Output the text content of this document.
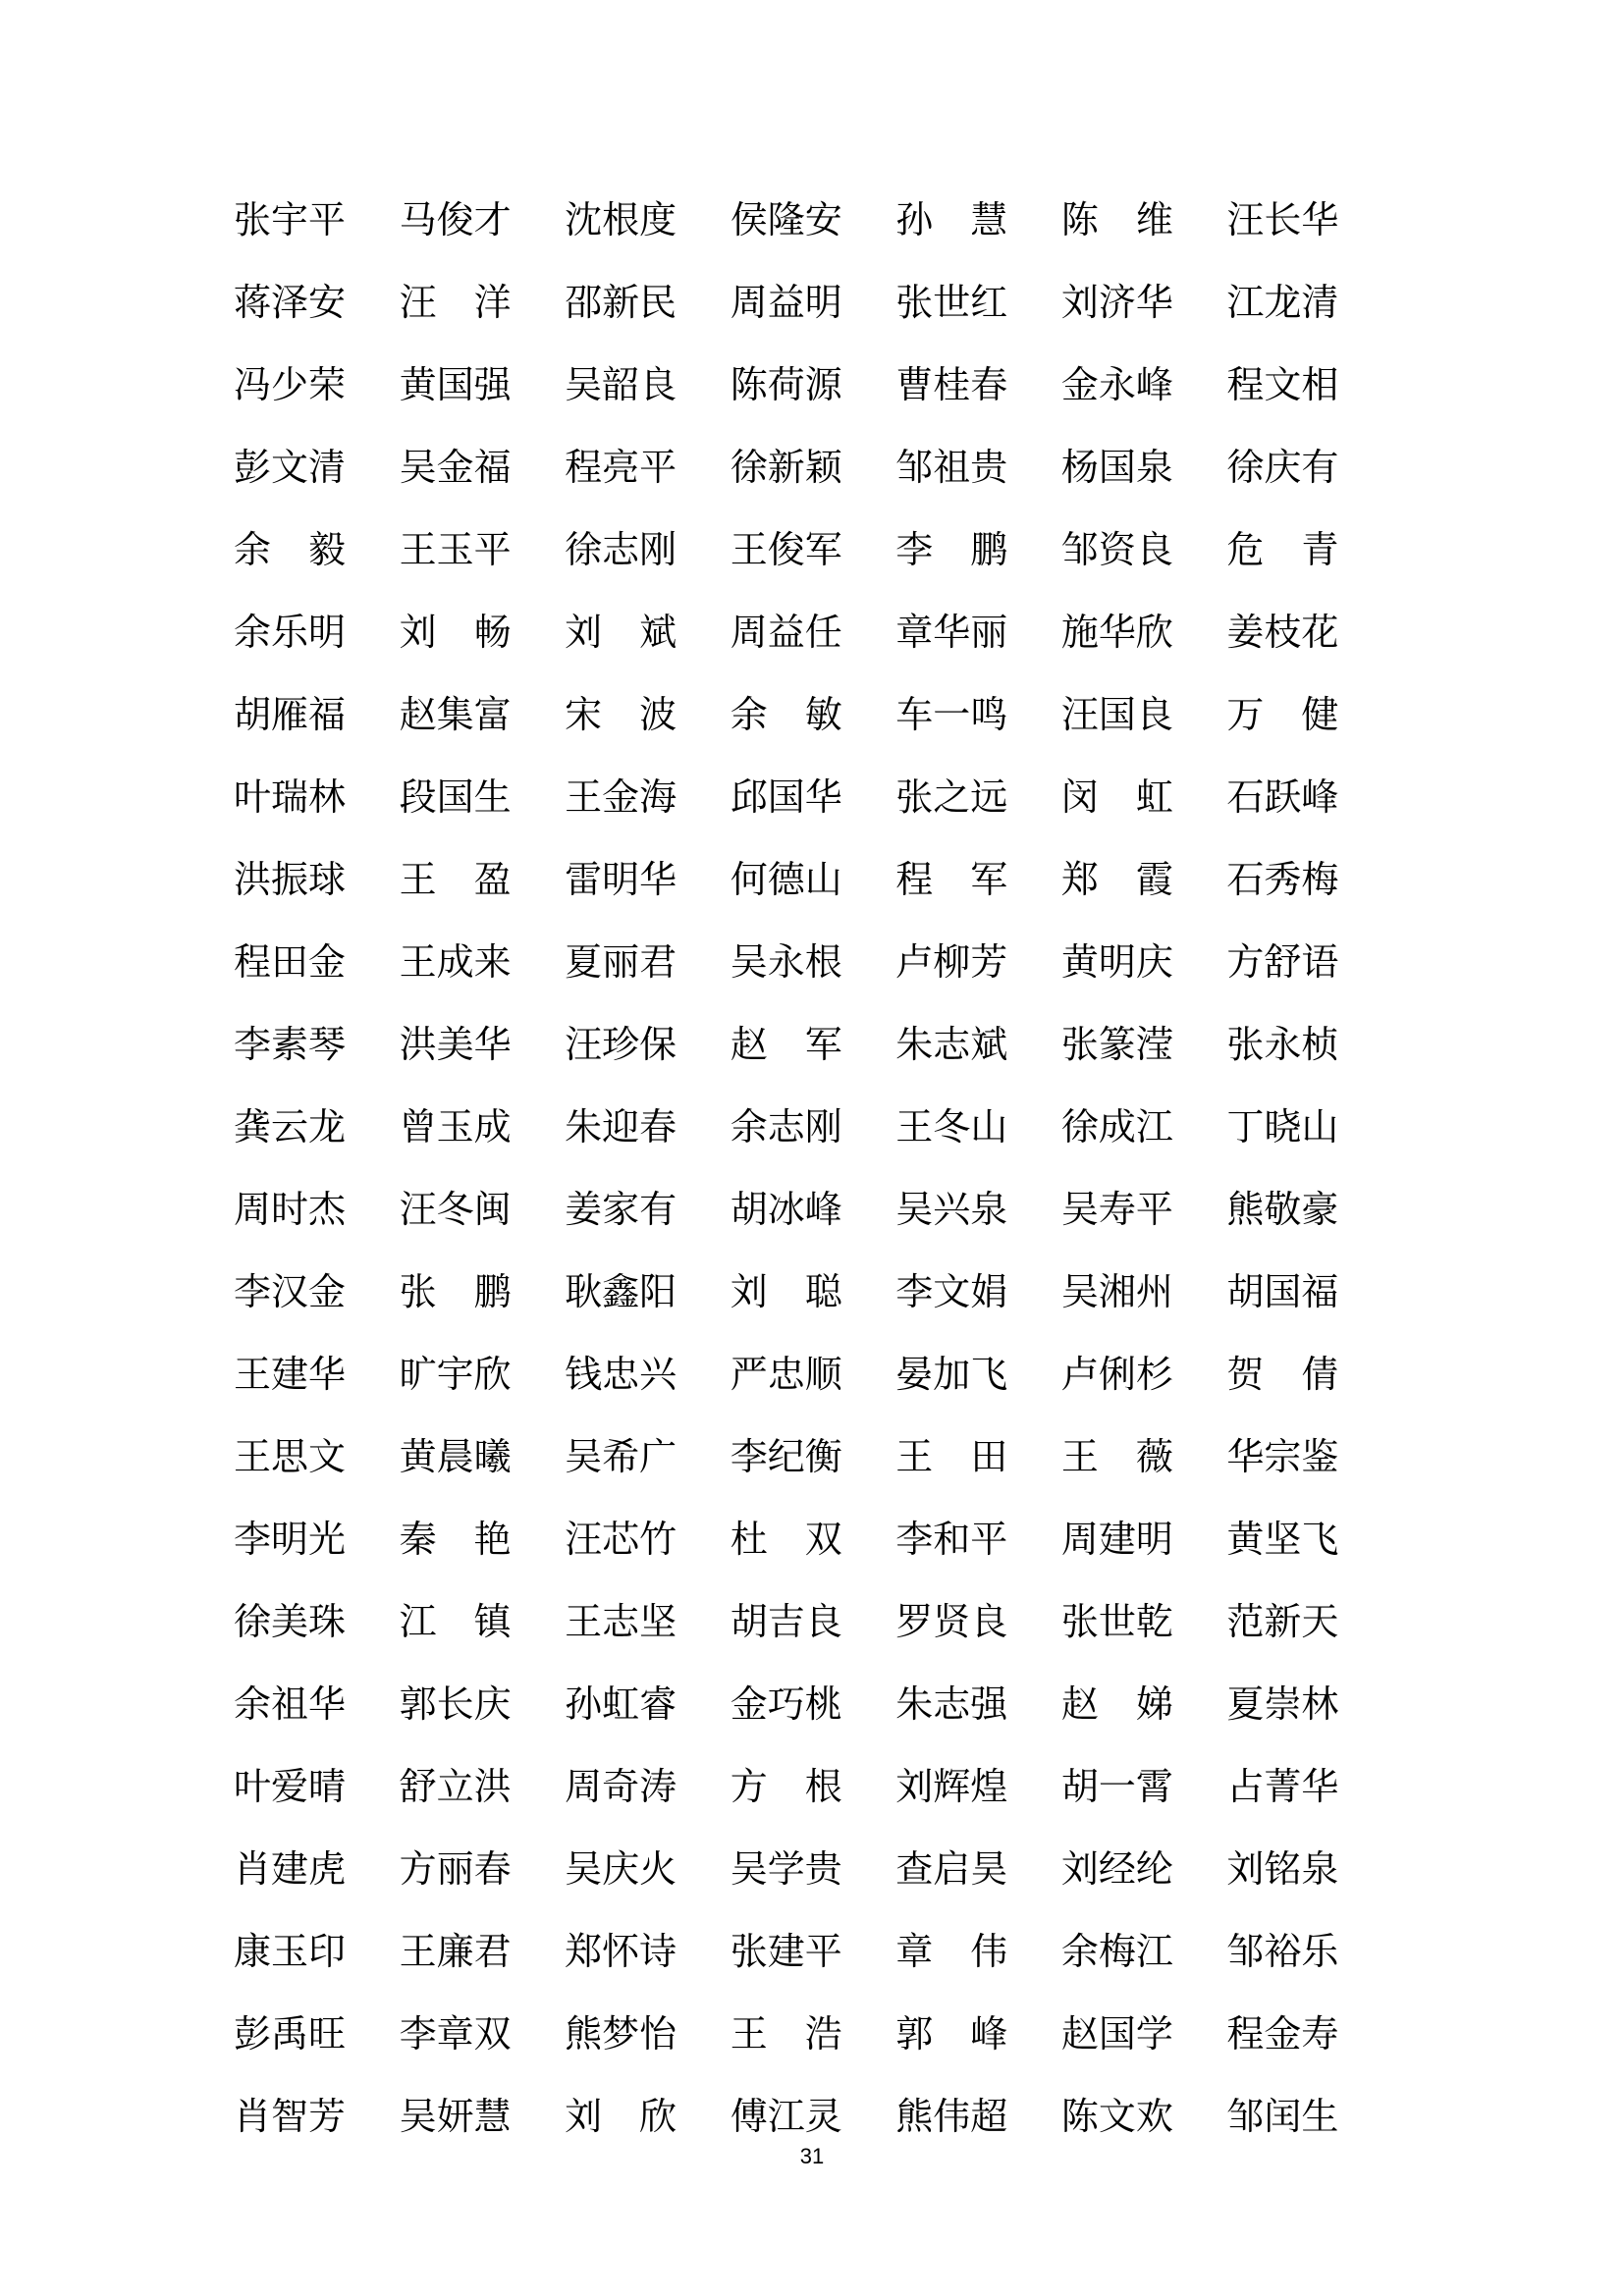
张宇平	马俊才	沈根度	侯隆安	孙　慧	陈　维	汪长华

蒋泽安	汪　洋	邵新民	周益明	张世红	刘济华	江龙清

冯少荣	黄国强	吴韶良	陈荷源	曹桂春	金永峰	程文相

彭文清	吴金福	程亮平	徐新颖	邹祖贵	杨国泉	徐庆有

余　毅	王玉平	徐志刚	王俊军	李　鹏	邹资良	危　青

余乐明	刘　畅	刘　斌	周益任	章华丽	施华欣	姜枝花

胡雁福	赵集富	宋　波	余　敏	车一鸣	汪国良	万　健

叶瑞林	段国生	王金海	邱国华	张之远	闵　虹	石跃峰

洪振球	王　盈	雷明华	何德山	程　军	郑　霞	石秀梅

程田金	王成来	夏丽君	吴永根	卢柳芳	黄明庆	方舒语

李素琴	洪美华	汪珍保	赵　军	朱志斌	张篆滢	张永桢

龚云龙	曾玉成	朱迎春	余志刚	王冬山	徐成江	丁晓山

周时杰	汪冬闽	姜家有	胡冰峰	吴兴泉	吴寿平	熊敬豪

李汉金	张　鹏	耿鑫阳	刘　聪	李文娟	吴湘州	胡国福

王建华	旷宇欣	钱忠兴	严忠顺	晏加飞	卢俐杉	贺　倩

王思文	黄晨曦	吴希广	李纪衡	王　田	王　薇	华宗鉴

李明光	秦　艳	汪芯竹	杜　双	李和平	周建明	黄坚飞

徐美珠	江　镇	王志坚	胡吉良	罗贤良	张世乾	范新天

余祖华	郭长庆	孙虹睿	金巧桃	朱志强	赵　娣	夏崇林

叶爱晴	舒立洪	周奇涛	方　根	刘辉煌	胡一霄	占菁华

肖建虎	方丽春	吴庆火	吴学贵	查启昊	刘经纶	刘铭泉

康玉印	王廉君	郑怀诗	张建平	章　伟	余梅江	邹裕乐

彭禹旺	李章双	熊梦怡	王　浩	郭　峰	赵国学	程金寿

肖智芳	吴妍慧	刘　欣	傅江灵	熊伟超	陈文欢	邹闰生
31
